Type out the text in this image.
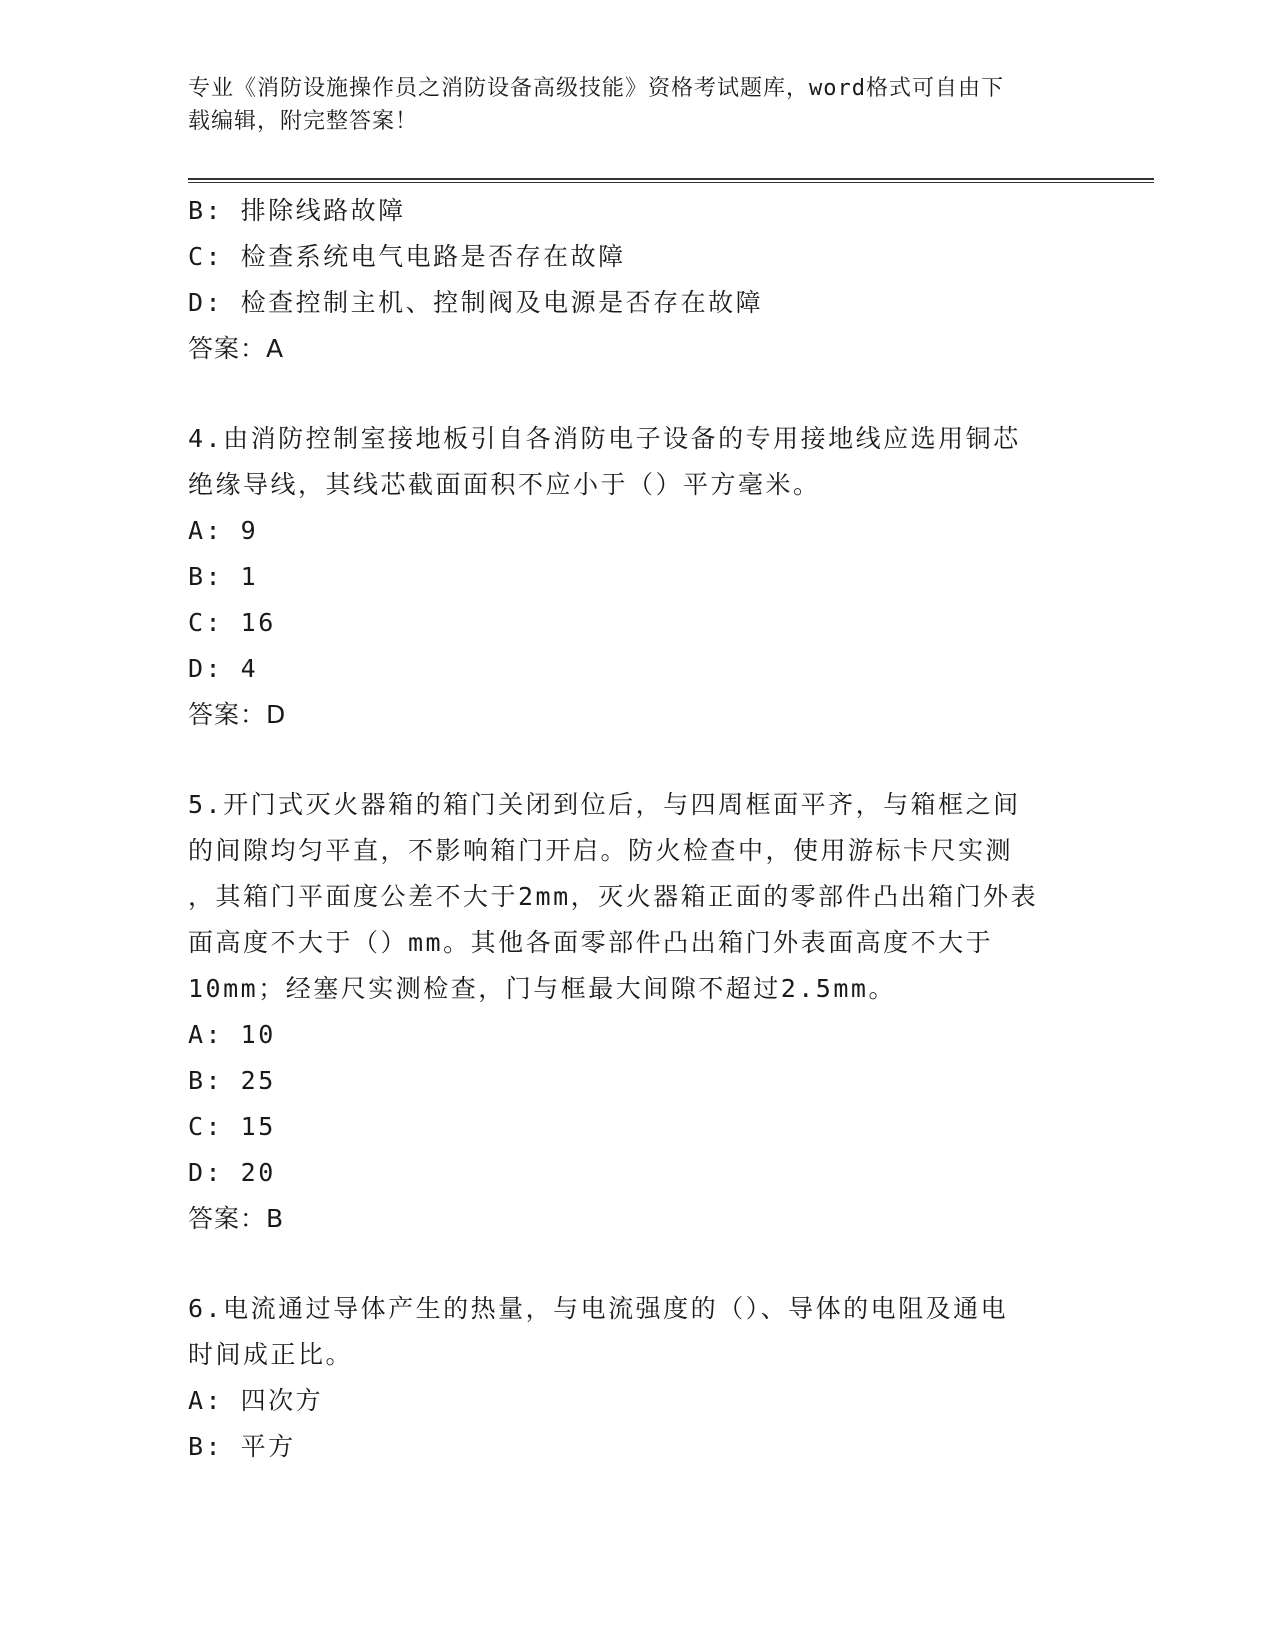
专业《消防设施操作员之消防设备高级技能》资格考试题库，word格式可自由下
载编辑，附完整答案！
B: 排除线路故障
C: 检查系统电气电路是否存在故障
D: 检查控制主机、控制阀及电源是否存在故障
答案：A
4.由消防控制室接地板引自各消防电子设备的专用接地线应选用铜芯
绝缘导线，其线芯截面面积不应小于（）平方毫米。
A: 9
B: 1
C: 16
D: 4
答案：D
5.开门式灭火器箱的箱门关闭到位后，与四周框面平齐，与箱框之间
的间隙均匀平直，不影响箱门开启。防火检查中，使用游标卡尺实测
，其箱门平面度公差不大于2mm，灭火器箱正面的零部件凸出箱门外表
面高度不大于（）mm。其他各面零部件凸出箱门外表面高度不大于
10mm；经塞尺实测检查，门与框最大间隙不超过2.5mm。
A: 10
B: 25
C: 15
D: 20
答案：B
6.电流通过导体产生的热量，与电流强度的（）、导体的电阻及通电
时间成正比。
A: 四次方
B: 平方
